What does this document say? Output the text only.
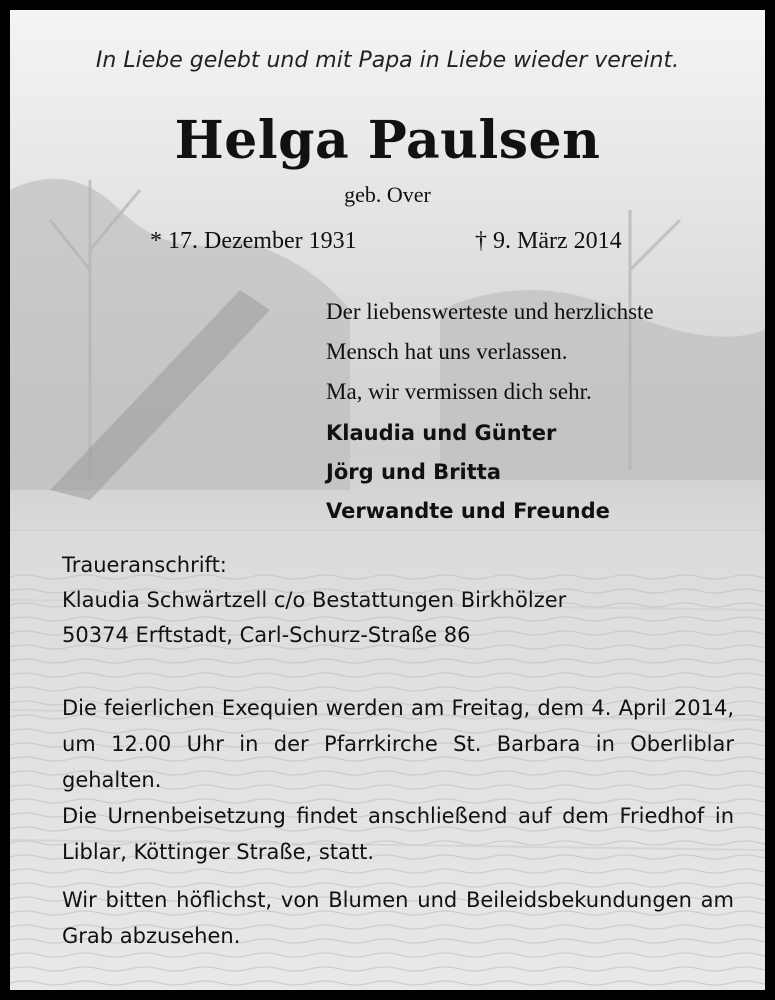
In Liebe gelebt und mit Papa in Liebe wieder vereint.
Helga Paulsen
geb. Over
* 17. Dezember 1931	† 9. März 2014
Der liebenswerteste und herzlichste
Mensch hat uns verlassen.
Ma, wir vermissen dich sehr.
Klaudia und Günter
Jörg und Britta
Verwandte und Freunde
Traueranschrift:
Klaudia Schwärtzell c/o Bestattungen Birkhölzer
50374 Erftstadt, Carl-Schurz-Straße 86

Die feierlichen Exequien werden am Freitag, dem 4. April 2014, um 12.00 Uhr in der Pfarrkirche St. Barbara in Oberliblar gehalten.

Die Urnenbeisetzung findet anschließend auf dem Friedhof in Liblar, Köttinger Straße, statt.

Wir bitten höflichst, von Blumen und Beileidsbekundungen am Grab abzusehen.
